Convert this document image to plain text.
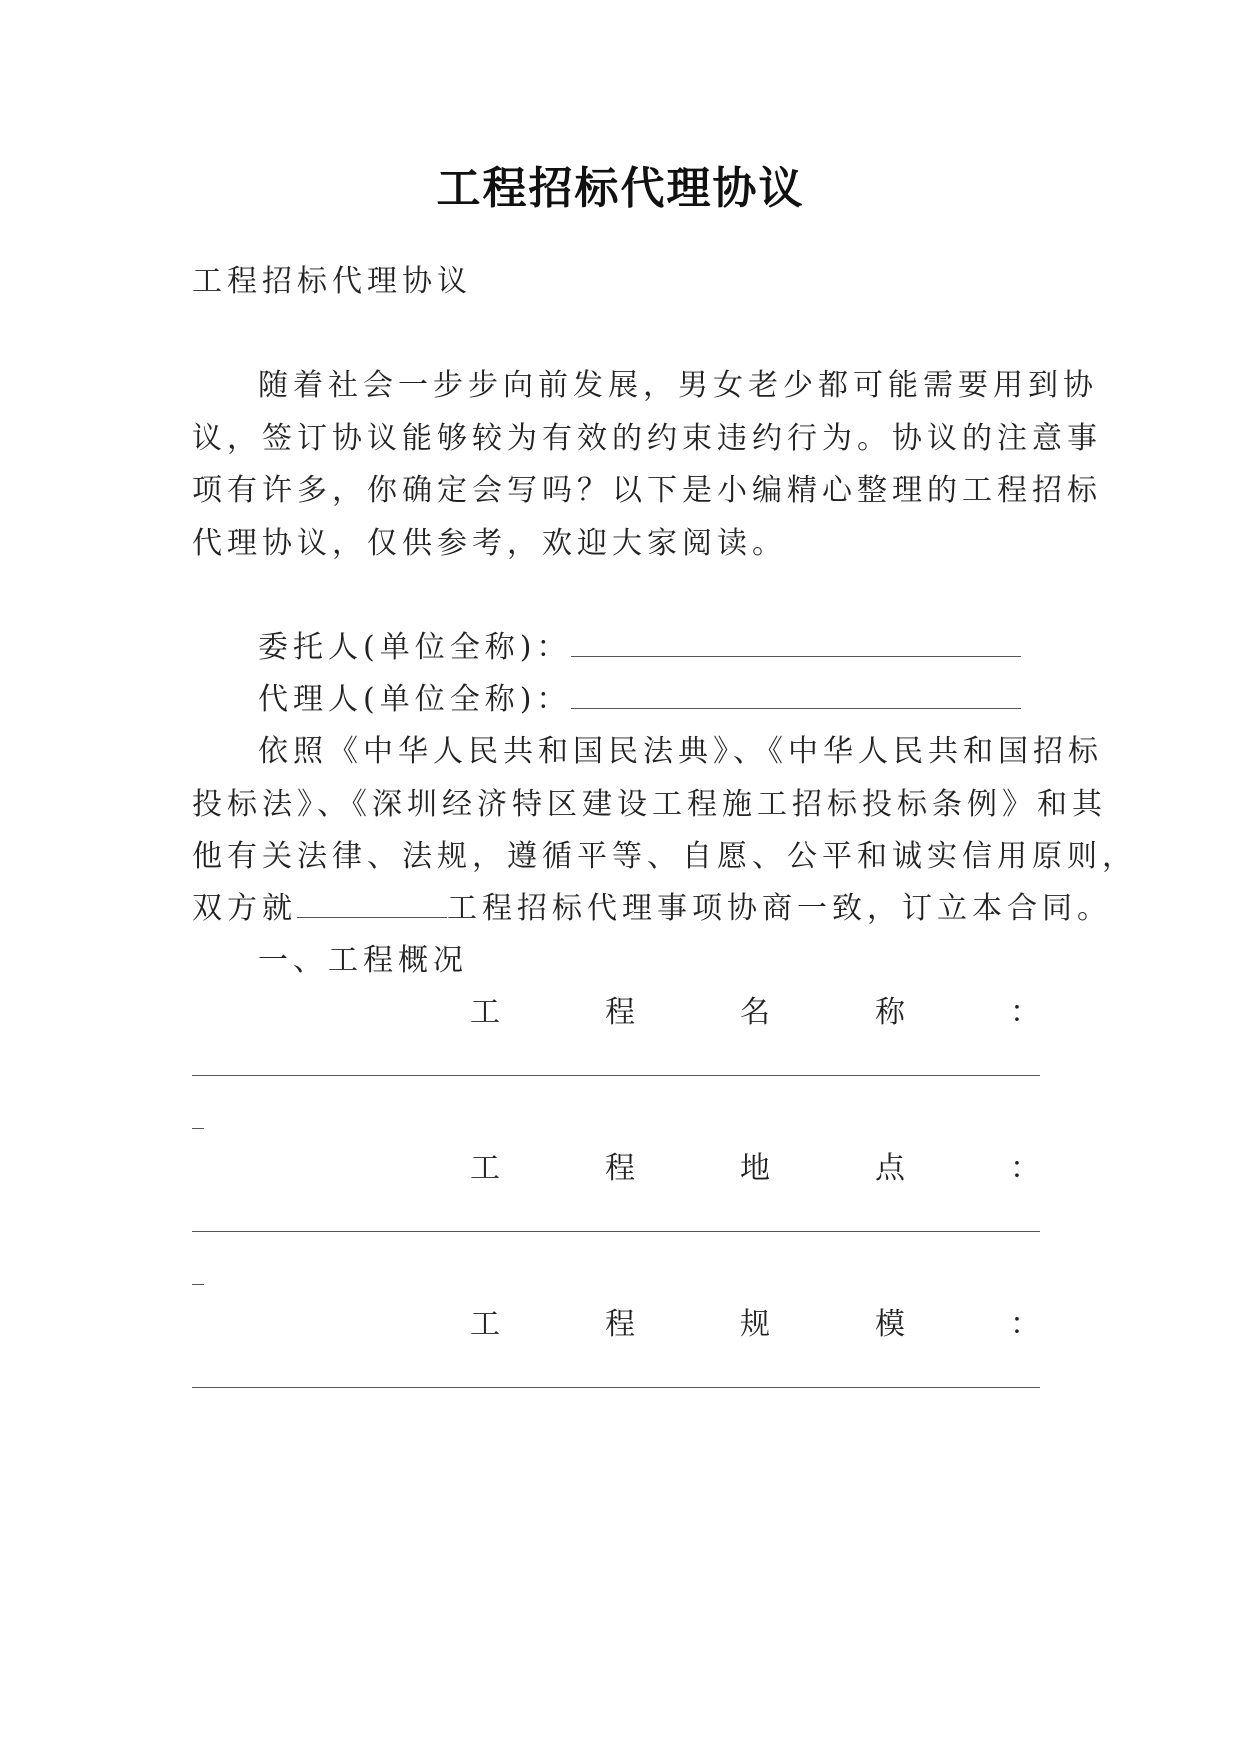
工程招标代理协议
工程招标代理协议
随着社会一步步向前发展，男女老少都可能需要用到协
议，签订协议能够较为有效的约束违约行为。协议的注意事
项有许多，你确定会写吗？以下是小编精心整理的工程招标
代理协议，仅供参考，欢迎大家阅读。
委托人(单位全称)：
代理人(单位全称)：
依照《中华人民共和国民法典》、《中华人民共和国招标
投标法》、《深圳经济特区建设工程施工招标投标条例》和其
他有关法律、法规，遵循平等、自愿、公平和诚实信用原则，
双方就	工程招标代理事项协商一致，订立本合同。
一、工程概况
工	程	名	称	：
工	程	地	点	：
工	程	规	模	：
